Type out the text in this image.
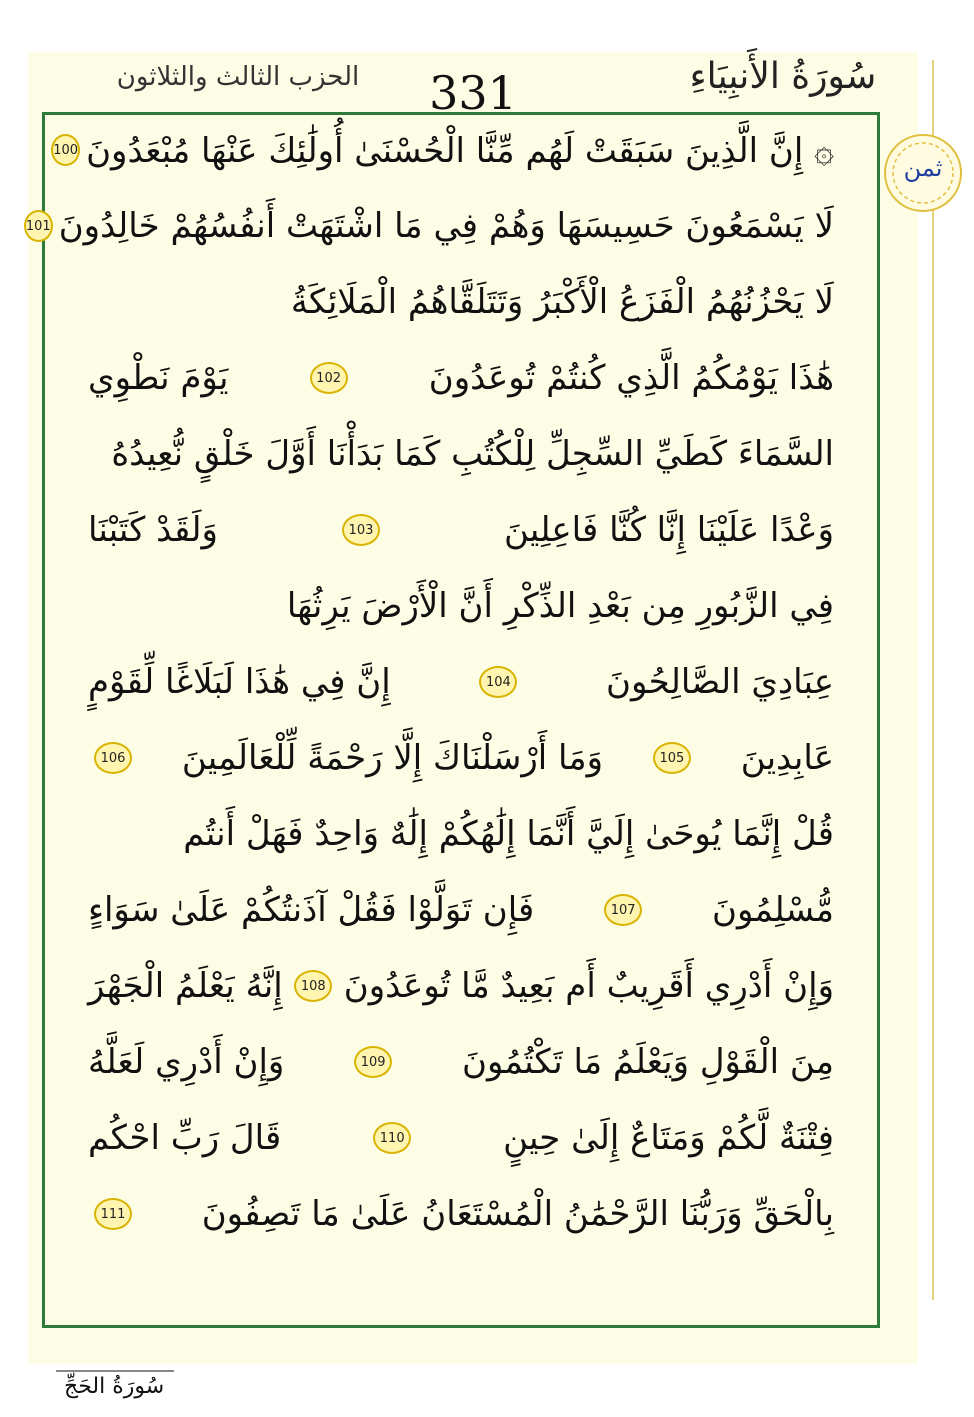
سُورَةُ الأَنبِيَاءِ
331
الحزب الثالث والثلاثون
۞ إِنَّ الَّذِينَ سَبَقَتْ لَهُم مِّنَّا الْحُسْنَىٰ أُولَٰئِكَ عَنْهَا مُبْعَدُونَ
100
لَا يَسْمَعُونَ حَسِيسَهَا وَهُمْ فِي مَا اشْتَهَتْ أَنفُسُهُمْ خَالِدُونَ
101
لَا يَحْزُنُهُمُ الْفَزَعُ الْأَكْبَرُ وَتَتَلَقَّاهُمُ الْمَلَائِكَةُ
هَٰذَا يَوْمُكُمُ الَّذِي كُنتُمْ تُوعَدُونَ
102
يَوْمَ نَطْوِي
السَّمَاءَ كَطَيِّ السِّجِلِّ لِلْكُتُبِ كَمَا بَدَأْنَا أَوَّلَ خَلْقٍ نُّعِيدُهُ
وَعْدًا عَلَيْنَا إِنَّا كُنَّا فَاعِلِينَ
103
وَلَقَدْ كَتَبْنَا
فِي الزَّبُورِ مِن بَعْدِ الذِّكْرِ أَنَّ الْأَرْضَ يَرِثُهَا
عِبَادِيَ الصَّالِحُونَ
104
إِنَّ فِي هَٰذَا لَبَلَاغًا لِّقَوْمٍ
عَابِدِينَ
105
وَمَا أَرْسَلْنَاكَ إِلَّا رَحْمَةً لِّلْعَالَمِينَ
106
قُلْ إِنَّمَا يُوحَىٰ إِلَيَّ أَنَّمَا إِلَٰهُكُمْ إِلَٰهٌ وَاحِدٌ فَهَلْ أَنتُم
مُّسْلِمُونَ
107
فَإِن تَوَلَّوْا فَقُلْ آذَنتُكُمْ عَلَىٰ سَوَاءٍ
وَإِنْ أَدْرِي أَقَرِيبٌ أَم بَعِيدٌ مَّا تُوعَدُونَ
108
إِنَّهُ يَعْلَمُ الْجَهْرَ
مِنَ الْقَوْلِ وَيَعْلَمُ مَا تَكْتُمُونَ
109
وَإِنْ أَدْرِي لَعَلَّهُ
فِتْنَةٌ لَّكُمْ وَمَتَاعٌ إِلَىٰ حِينٍ
110
قَالَ رَبِّ احْكُم
بِالْحَقِّ وَرَبُّنَا الرَّحْمَٰنُ الْمُسْتَعَانُ عَلَىٰ مَا تَصِفُونَ
111
سُورَةُ الحَجِّ
ثمن
